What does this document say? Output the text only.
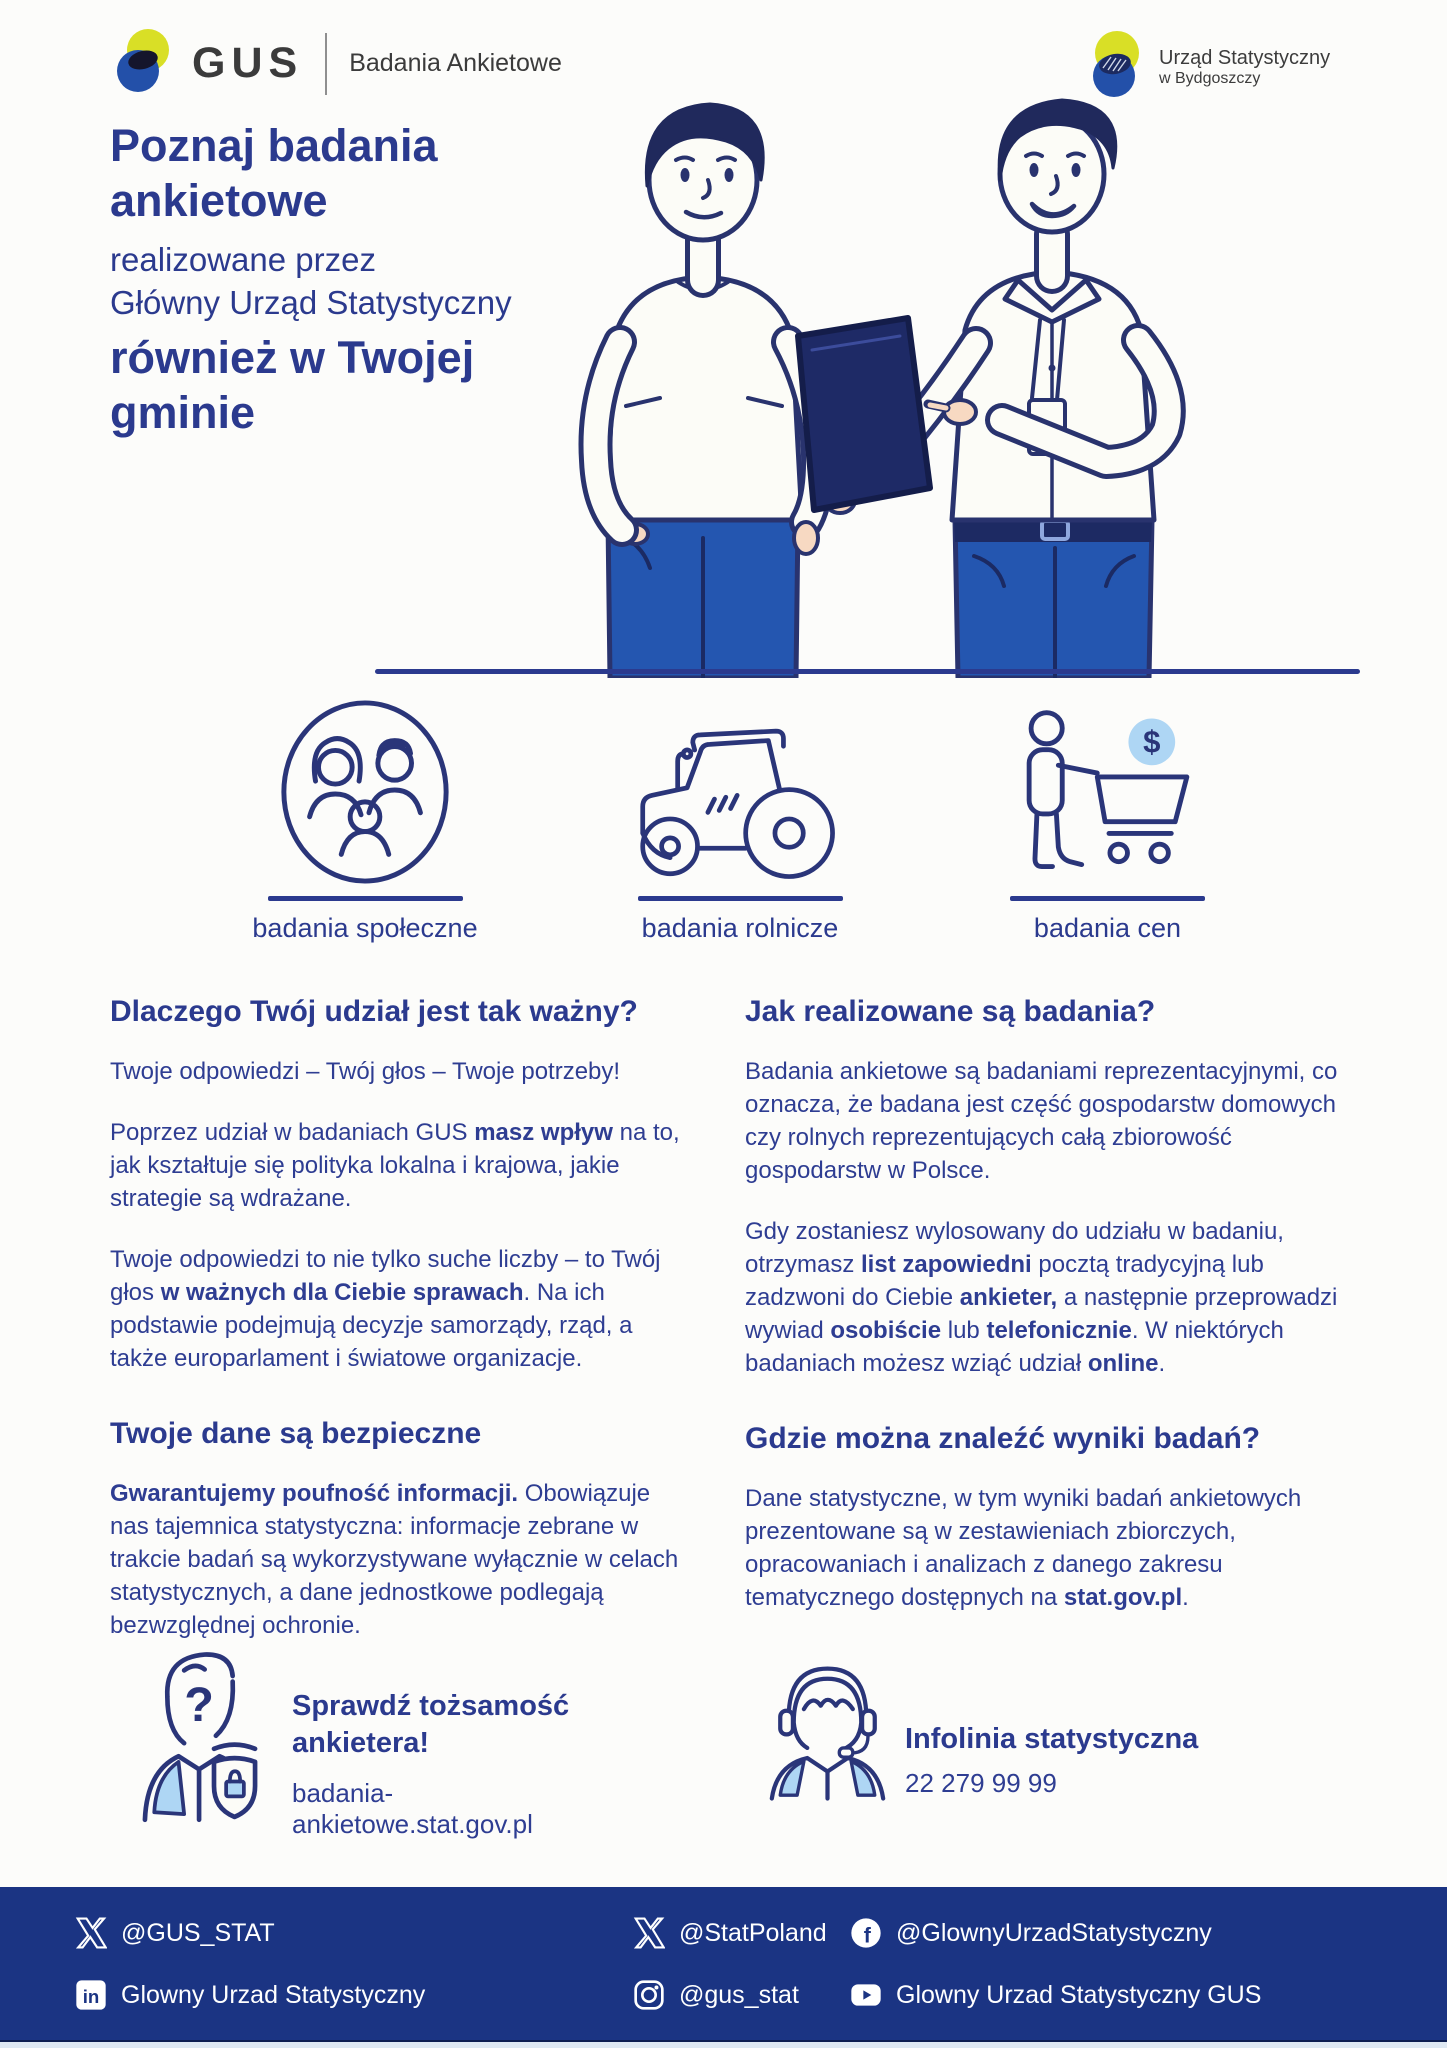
GUS Badania Ankietowe	Urząd Statystyczny
w Bydgoszczy
Poznaj badania
ankietowe
realizowane przez
Główny Urząd Statystyczny
również w Twojej
gminie
badania społeczne	badania rolnicze
$
badania cen
Dlaczego Twój udział jest tak ważny?

Twoje odpowiedzi – Twój głos – Twoje potrzeby!

Poprzez udział w badaniach GUS masz wpływ na to, jak kształtuje się polityka lokalna i krajowa, jakie strategie są wdrażane.

Twoje odpowiedzi to nie tylko suche liczby – to Twój głos w ważnych dla Ciebie sprawach. Na ich podstawie podejmują decyzje samorządy, rząd, a także europarlament i światowe organizacje.

Twoje dane są bezpieczne

Gwarantujemy poufność informacji. Obowiązuje nas tajemnica statystyczna: informacje zebrane w trakcie badań są wykorzystywane wyłącznie w celach statystycznych, a dane jednostkowe podlegają bezwzględnej ochronie.

Jak realizowane są badania?

Badania ankietowe są badaniami reprezentacyjnymi, co oznacza, że badana jest część gospodarstw domowych czy rolnych reprezentujących całą zbiorowość gospodarstw w Polsce.

Gdy zostaniesz wylosowany do udziału w badaniu, otrzymasz list zapowiedni pocztą tradycyjną lub zadzwoni do Ciebie ankieter, a następnie przeprowadzi wywiad osobiście lub telefonicznie. W niektórych badaniach możesz wziąć udział online.

Gdzie można znaleźć wyniki badań?

Dane statystyczne, w tym wyniki badań ankietowych prezentowane są w zestawieniach zbiorczych, opracowaniach i analizach z danego zakresu tematycznego dostępnych na stat.gov.pl.

?	Sprawdź tożsamość ankietera!
badania-ankietowe.stat.gov.pl
Infolinia statystyczna
22 279 99 99
@GUS_STAT
in Glowny Urzad Statystyczny
@StatPoland
@gus_stat
f @GlownyUrzadStatystyczny
Glowny Urzad Statystyczny GUS
